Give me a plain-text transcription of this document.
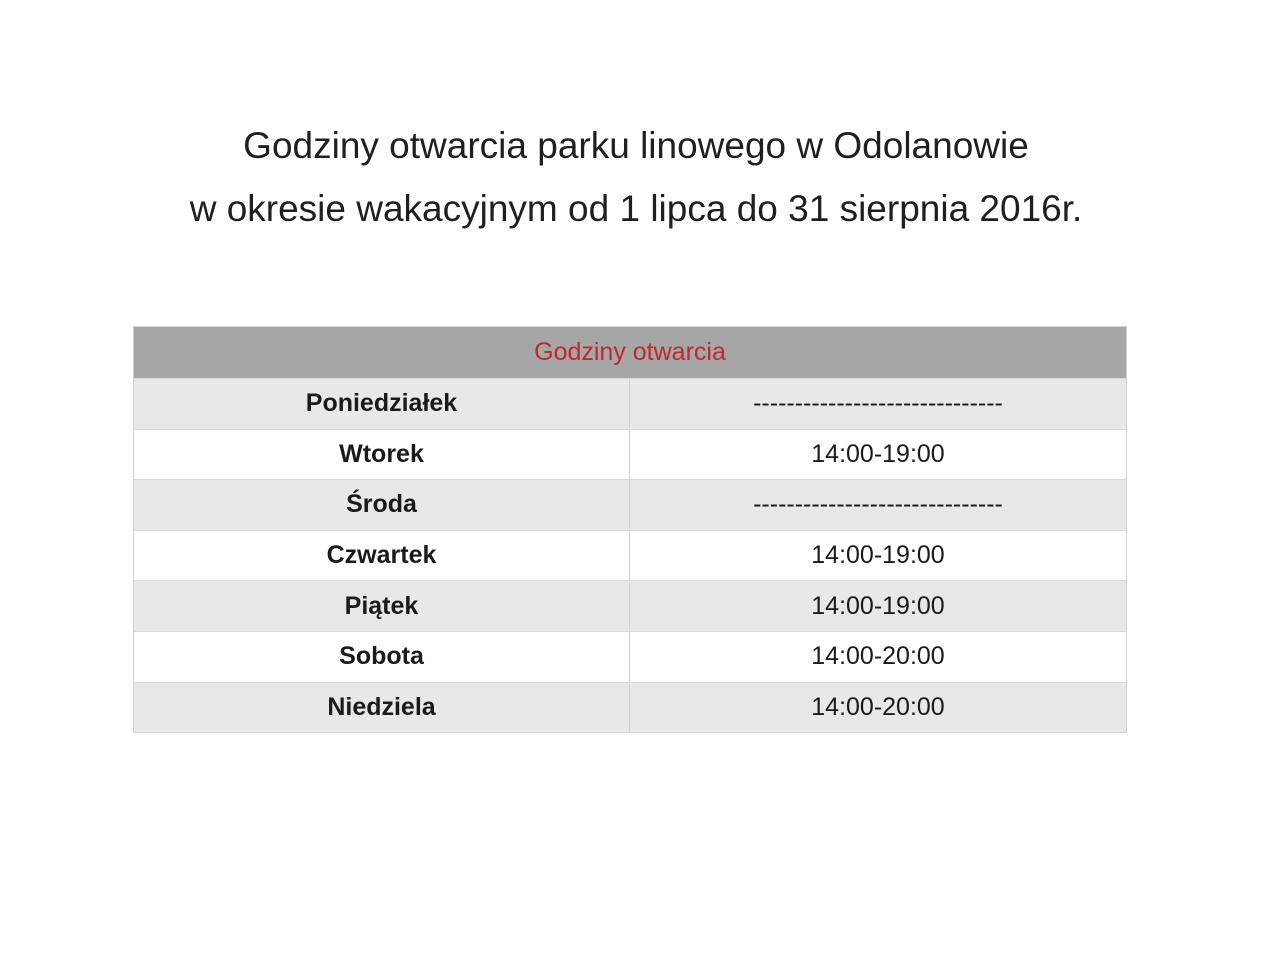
Godziny otwarcia parku linowego w Odolanowie
w okresie wakacyjnym od 1 lipca do 31 sierpnia 2016r.
Godziny otwarcia
Poniedziałek	------------------------------
Wtorek	14:00-19:00
Środa	------------------------------
Czwartek	14:00-19:00
Piątek	14:00-19:00
Sobota	14:00-20:00
Niedziela	14:00-20:00
